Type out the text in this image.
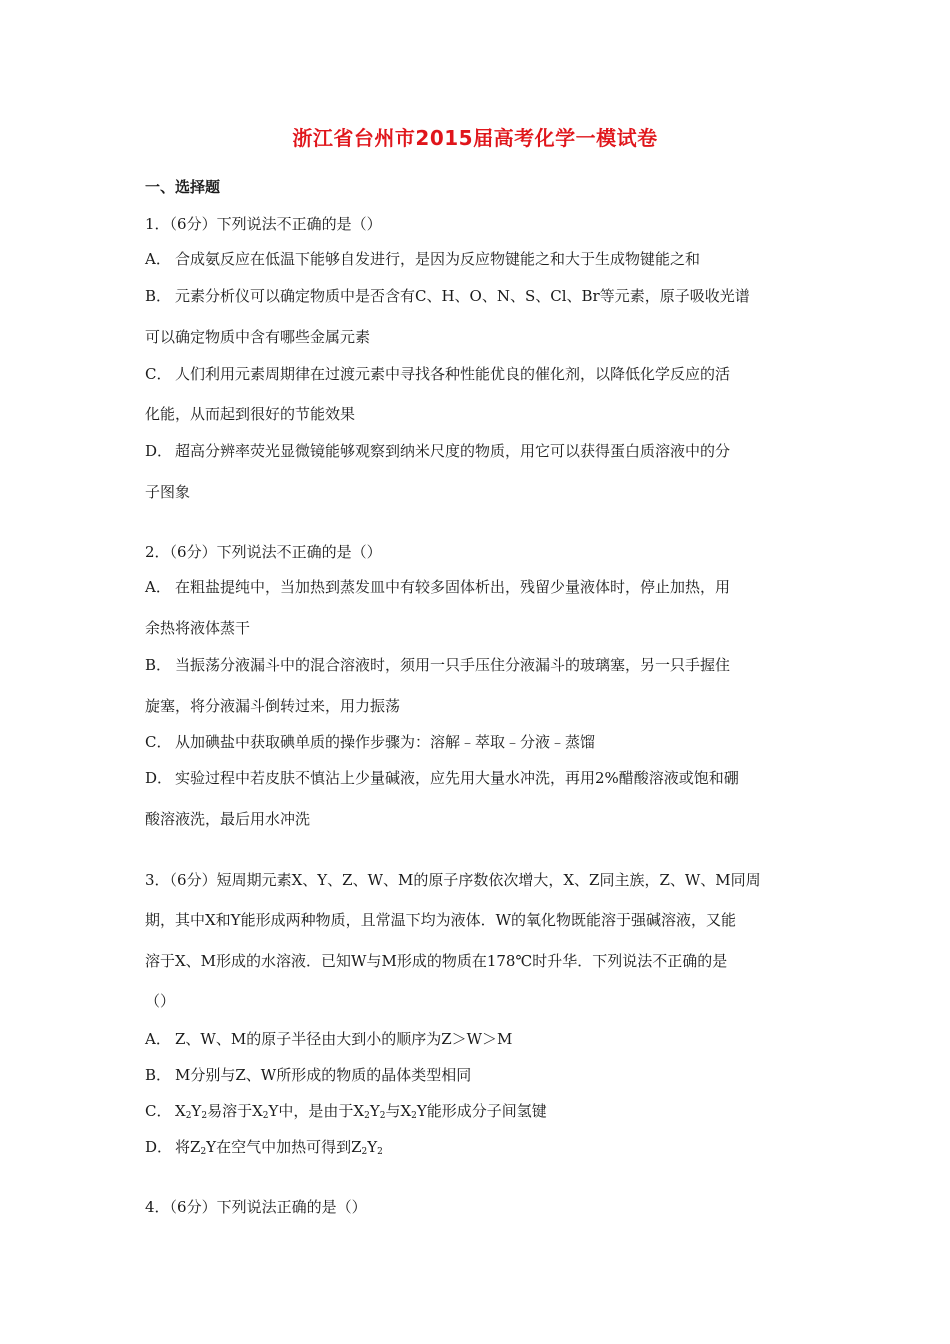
浙江省台州市2015届高考化学一模试卷
一、选择题
1．（6分）下列说法不正确的是（）
A． 合成氨反应在低温下能够自发进行，是因为反应物键能之和大于生成物键能之和
B． 元素分析仪可以确定物质中是否含有C、H、O、N、S、Cl、Br等元素，原子吸收光谱
可以确定物质中含有哪些金属元素
C． 人们利用元素周期律在过渡元素中寻找各种性能优良的催化剂，以降低化学反应的活
化能，从而起到很好的节能效果
D． 超高分辨率荧光显微镜能够观察到纳米尺度的物质，用它可以获得蛋白质溶液中的分
子图象
2．（6分）下列说法不正确的是（）
A． 在粗盐提纯中，当加热到蒸发皿中有较多固体析出，残留少量液体时，停止加热，用
余热将液体蒸干
B． 当振荡分液漏斗中的混合溶液时，须用一只手压住分液漏斗的玻璃塞，另一只手握住
旋塞，将分液漏斗倒转过来，用力振荡
C． 从加碘盐中获取碘单质的操作步骤为：溶解﹣萃取﹣分液﹣蒸馏
D． 实验过程中若皮肤不慎沾上少量碱液，应先用大量水冲洗，再用2%醋酸溶液或饱和硼
酸溶液洗，最后用水冲洗
3．（6分）短周期元素X、Y、Z、W、M的原子序数依次增大，X、Z同主族，Z、W、M同周
期，其中X和Y能形成两种物质，且常温下均为液体．W的氧化物既能溶于强碱溶液，又能
溶于X、M形成的水溶液．已知W与M形成的物质在178℃时升华．下列说法不正确的是
（）
A． Z、W、M的原子半径由大到小的顺序为Z＞W＞M
B． M分别与Z、W所形成的物质的晶体类型相同
C． $X_2Y_2$易溶于$X_2Y$中，是由于$X_2Y_2$与$X_2Y$能形成分子间氢键
D． 将$Z_2Y$在空气中加热可得到$Z_2Y_2$
4．（6分）下列说法正确的是（）
